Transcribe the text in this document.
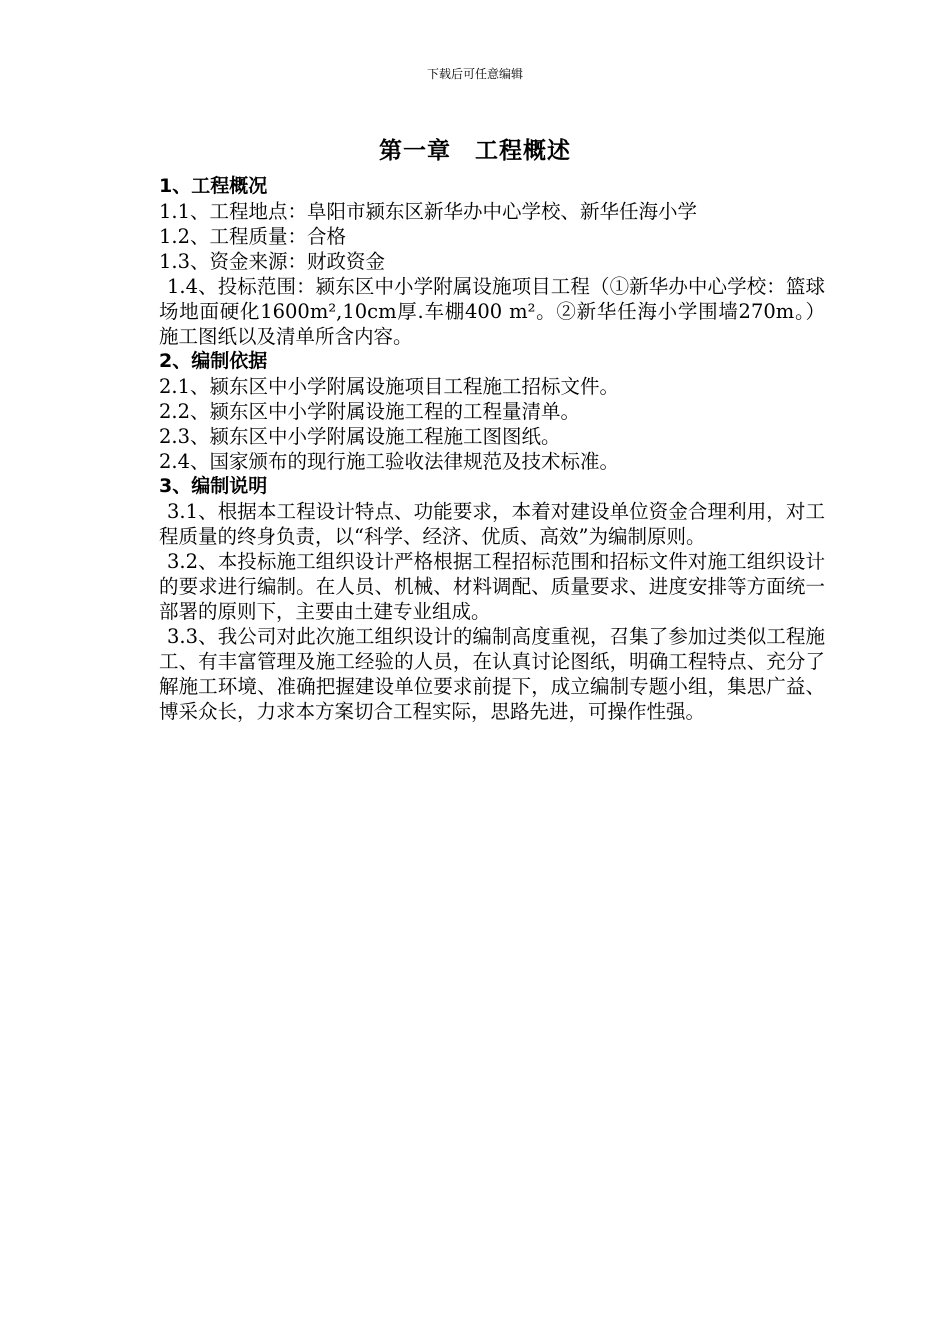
下载后可任意编辑
第一章　工程概述
1、工程概况
1.1、工程地点：阜阳市颍东区新华办中心学校、新华任海小学
1.2、工程质量：合格
1.3、资金来源：财政资金
1.4、投标范围：颍东区中小学附属设施项目工程（①新华办中心学校：篮球场地面硬化1600m²,10cm厚.车棚400 m²。②新华任海小学围墙270m。）施工图纸以及清单所含内容。
2、编制依据
2.1、颍东区中小学附属设施项目工程施工招标文件。
2.2、颍东区中小学附属设施工程的工程量清单。
2.3、颍东区中小学附属设施工程施工图图纸。
2.4、国家颁布的现行施工验收法律规范及技术标准。
3、编制说明
3.1、根据本工程设计特点、功能要求，本着对建设单位资金合理利用，对工程质量的终身负责，以“科学、经济、优质、高效”为编制原则。
3.2、本投标施工组织设计严格根据工程招标范围和招标文件对施工组织设计的要求进行编制。在人员、机械、材料调配、质量要求、进度安排等方面统一部署的原则下，主要由土建专业组成。
3.3、我公司对此次施工组织设计的编制高度重视，召集了参加过类似工程施工、有丰富管理及施工经验的人员，在认真讨论图纸，明确工程特点、充分了解施工环境、准确把握建设单位要求前提下，成立编制专题小组，集思广益、博采众长，力求本方案切合工程实际，思路先进，可操作性强。
